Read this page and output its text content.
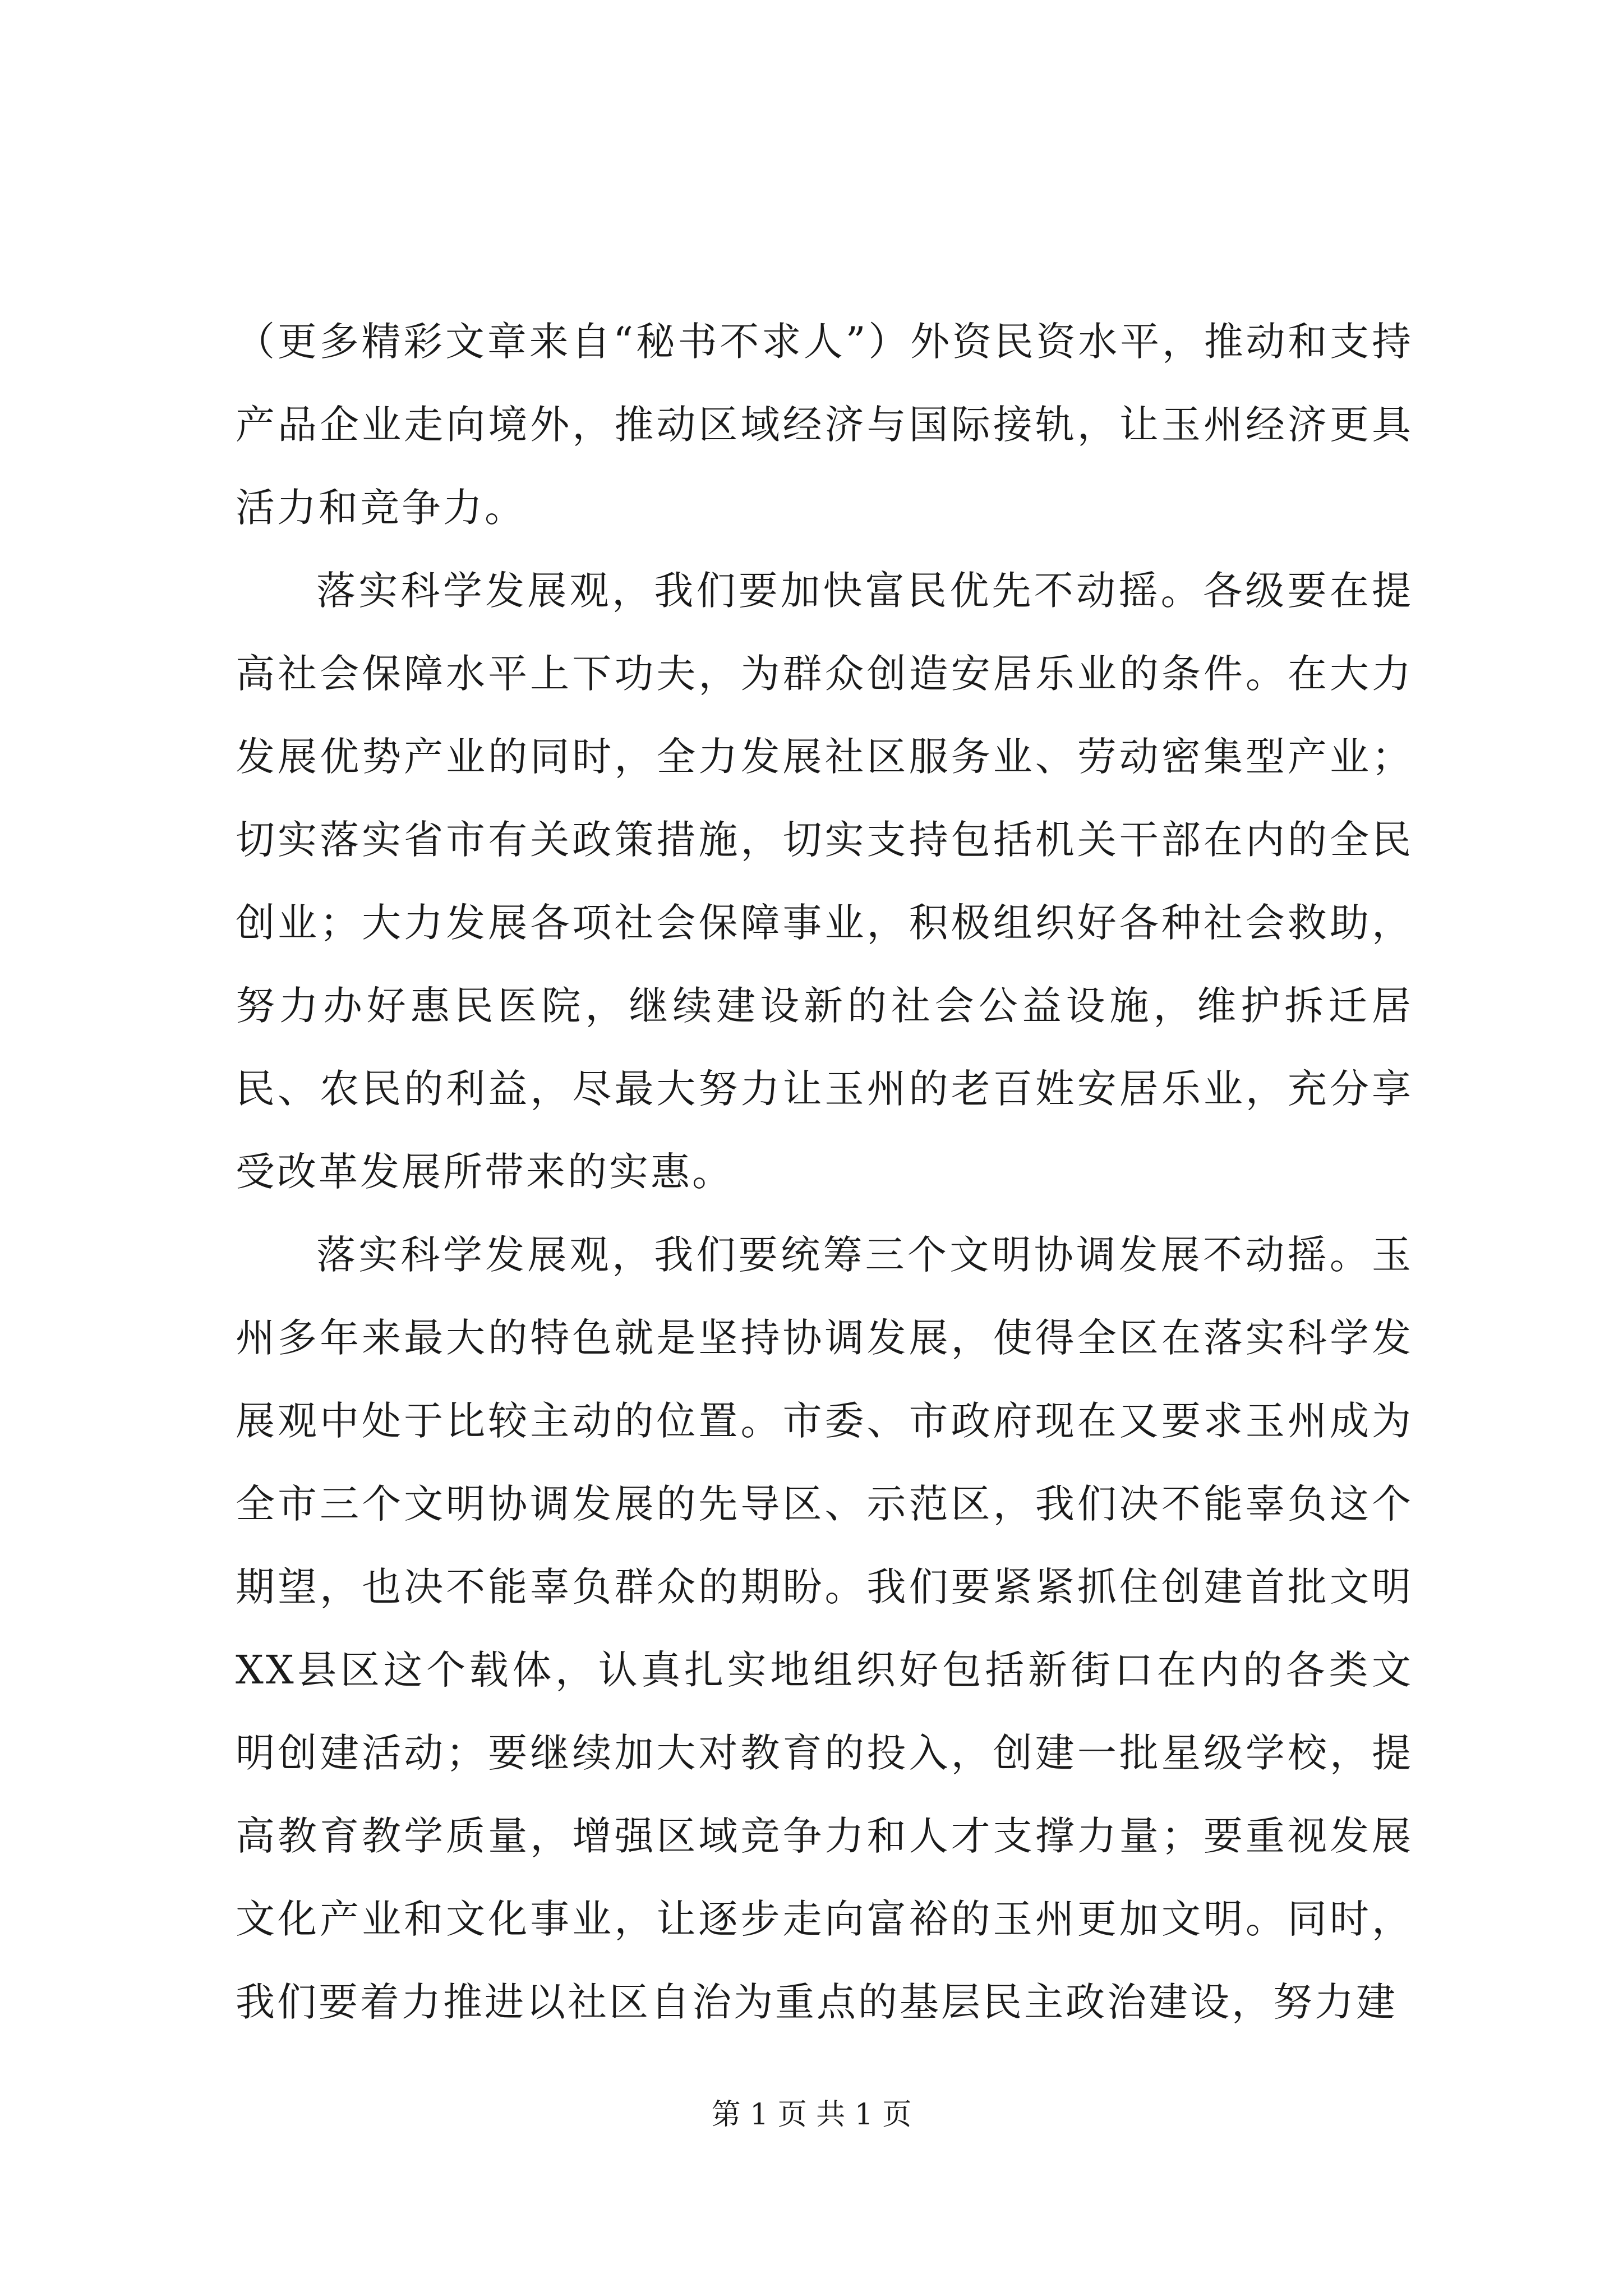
（更多精彩文章来自“秘书不求人”）外资民资水平，推动和支持产品企业走向境外，推动区域经济与国际接轨，让玉州经济更具活力和竞争力。

落实科学发展观，我们要加快富民优先不动摇。各级要在提高社会保障水平上下功夫，为群众创造安居乐业的条件。在大力发展优势产业的同时，全力发展社区服务业、劳动密集型产业；切实落实省市有关政策措施，切实支持包括机关干部在内的全民创业；大力发展各项社会保障事业，积极组织好各种社会救助，努力办好惠民医院，继续建设新的社会公益设施，维护拆迁居民、农民的利益，尽最大努力让玉州的老百姓安居乐业，充分享受改革发展所带来的实惠。

落实科学发展观，我们要统筹三个文明协调发展不动摇。玉州多年来最大的特色就是坚持协调发展，使得全区在落实科学发展观中处于比较主动的位置。市委、市政府现在又要求玉州成为全市三个文明协调发展的先导区、示范区，我们决不能辜负这个期望，也决不能辜负群众的期盼。我们要紧紧抓住创建首批文明XX县区这个载体，认真扎实地组织好包括新街口在内的各类文明创建活动；要继续加大对教育的投入，创建一批星级学校，提高教育教学质量，增强区域竞争力和人才支撑力量；要重视发展文化产业和文化事业，让逐步走向富裕的玉州更加文明。同时，我们要着力推进以社区自治为重点的基层民主政治建设，努力建

第 1 页 共 1 页
